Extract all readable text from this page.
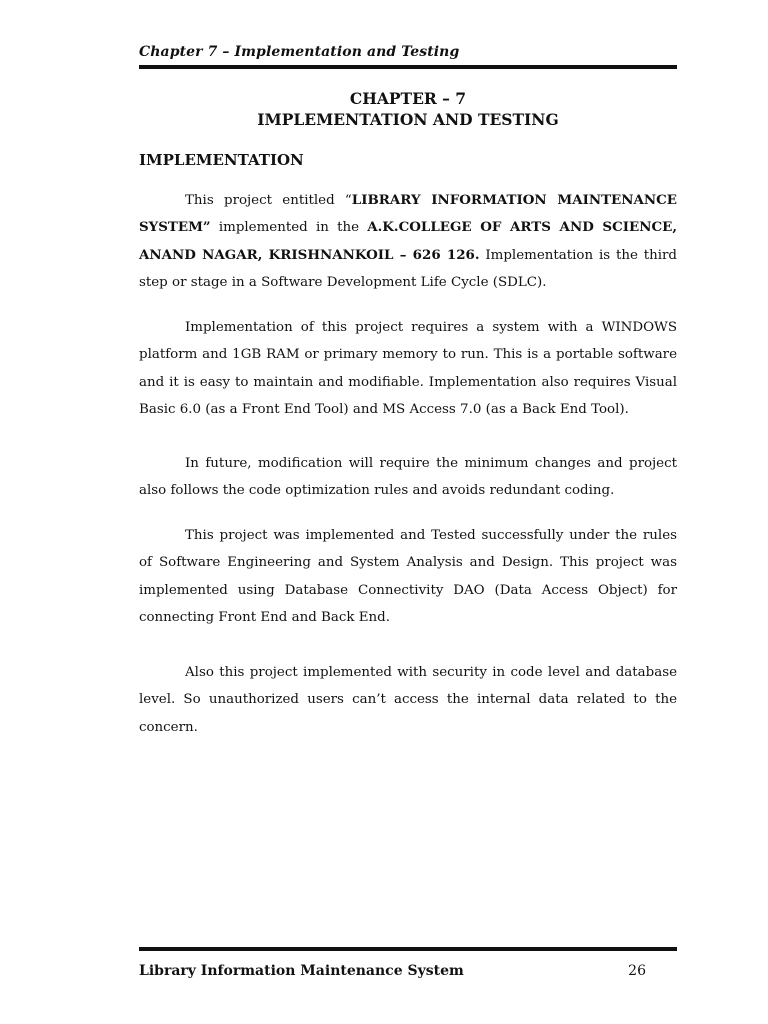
Chapter 7 – Implementation and Testing
CHAPTER – 7
IMPLEMENTATION AND TESTING
IMPLEMENTATION
This project entitled “LIBRARY INFORMATION MAINTENANCE SYSTEM” implemented in the A.K.COLLEGE OF ARTS AND SCIENCE, ANAND NAGAR, KRISHNANKOIL – 626 126. Implementation is the third step or stage in a Software Development Life Cycle (SDLC).
Implementation of this project requires a system with a WINDOWS platform and 1GB RAM or primary memory to run. This is a portable software and it is easy to maintain and modifiable. Implementation also requires Visual Basic 6.0 (as a Front End Tool) and MS Access 7.0 (as a Back End Tool).
In future, modification will require the minimum changes and project also follows the code optimization rules and avoids redundant coding.
This project was implemented and Tested successfully under the rules of Software Engineering and System Analysis and Design. This project was implemented using Database Connectivity DAO (Data Access Object) for connecting Front End and Back End.
Also this project implemented with security in code level and database level. So unauthorized users can’t access the internal data related to the concern.
Library Information Maintenance System	26
